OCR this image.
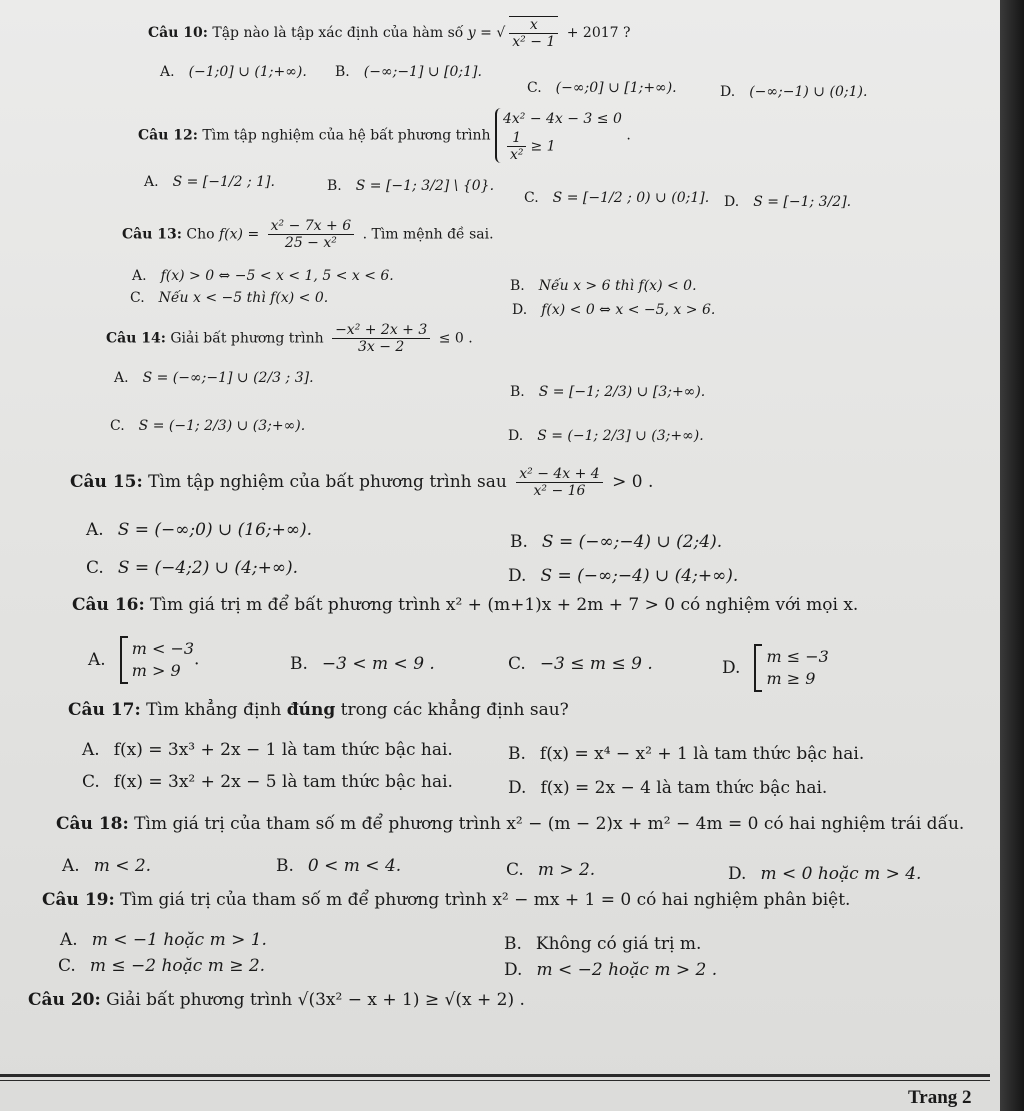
Câu 10: Tập nào là tập xác định của hàm số y = √ $\frac{x}{\text{x² − 1}} + 2017$ ?
A. (−1;0] ∪ (1;+∞). B. (−∞;−1] ∪ [0;1].
C. (−∞;0] ∪ [1;+∞).	D. (−∞;−1) ∪ (0;1).
Câu 12: Tìm tập nghiệm của hệ bất phương trình
4x² − 4x − 3 ≤ 0
$\frac{1}{\text{x²}} \ge 1$
.
A. S = [−1/2 ; 1].	B. S = [−1; 3/2] \ {0}.
C. S = [−1/2 ; 0) ∪ (0;1]. D. S = [−1; 3/2].
Câu 13: Cho $f(x) = \frac{\text{x² − 7x + 6}}{\text{25 − x²}}$ . Tìm mệnh đề sai.
A. f(x) > 0 ⇔ −5 < x < 1, 5 < x < 6.
B. Nếu x > 6 thì f(x) < 0.
C. Nếu x < −5 thì f(x) < 0.
D. f(x) < 0 ⇔ x < −5, x > 6.
Câu 14: Giải bất phương trình $\frac{\text{−x² + 2x + 3}}{3x - 2} \le 0$ .
A. S = (−∞;−1] ∪ (2/3 ; 3].
B. S = [−1; 2/3) ∪ [3;+∞).
C. S = (−1; 2/3) ∪ (3;+∞).
D. S = (−1; 2/3] ∪ (3;+∞).
Câu 15: Tìm tập nghiệm của bất phương trình sau $\frac{\text{x² − 4x + 4}}{\text{x² − 16}} > 0$ .
A. S = (−∞;0) ∪ (16;+∞).
B. S = (−∞;−4) ∪ (2;4).
C. S = (−4;2) ∪ (4;+∞).	D. S = (−∞;−4) ∪ (4;+∞).
Câu 16: Tìm giá trị m để bất phương trình x² + (m+1)x + 2m + 7 > 0 có nghiệm với mọi x.
A.
m < −3
m > 9
.	B. −3 < m < 9 .	C. −3 ≤ m ≤ 9 .	D.
m ≤ −3
m ≥ 9
Câu 17: Tìm khẳng định đúng trong các khẳng định sau?
A. f(x) = 3x³ + 2x − 1 là tam thức bậc hai.	B. f(x) = x⁴ − x² + 1 là tam thức bậc hai.
C. f(x) = 3x² + 2x − 5 là tam thức bậc hai.	D. f(x) = 2x − 4 là tam thức bậc hai.
Câu 18: Tìm giá trị của tham số m để phương trình x² − (m − 2)x + m² − 4m = 0 có hai nghiệm trái dấu.
A. m < 2.	B. 0 < m < 4.	C. m > 2.	D. m < 0 hoặc m > 4.
Câu 19: Tìm giá trị của tham số m để phương trình x² − mx + 1 = 0 có hai nghiệm phân biệt.
A. m < −1 hoặc m > 1.	B. Không có giá trị m.
C. m ≤ −2 hoặc m ≥ 2.	D. m < −2 hoặc m > 2 .
Câu 20: Giải bất phương trình √(3x² − x + 1) ≥ √(x + 2) .
Trang 2
